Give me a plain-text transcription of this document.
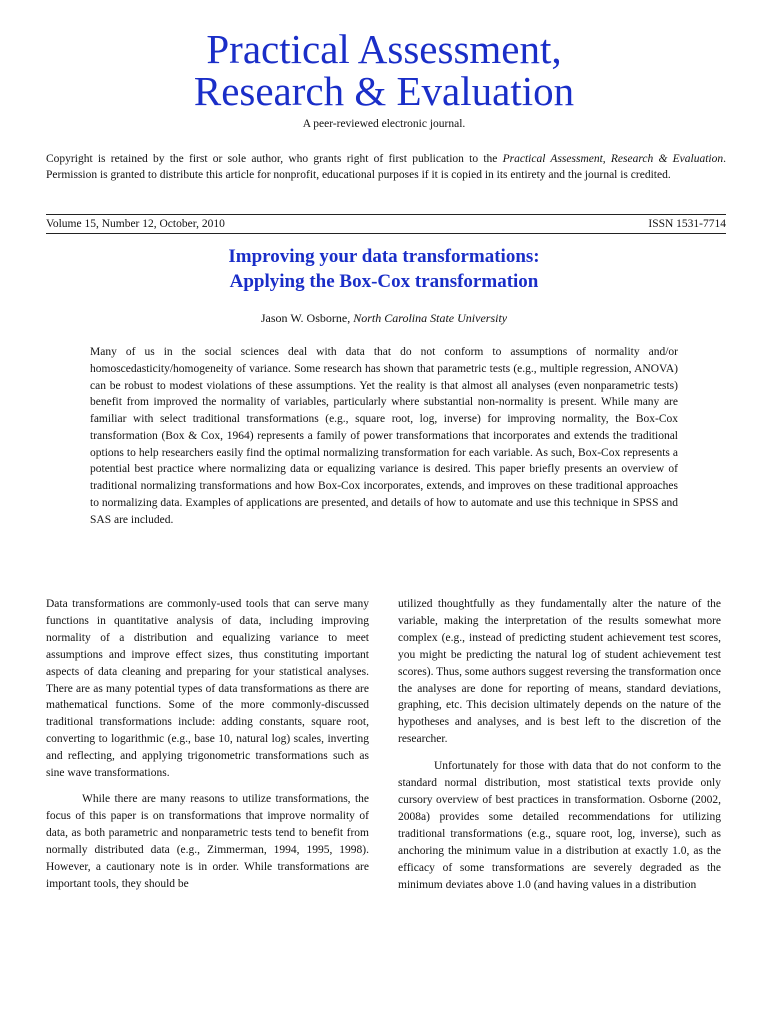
Practical Assessment,
Research & Evaluation
A peer-reviewed electronic journal.
Copyright is retained by the first or sole author, who grants right of first publication to the Practical Assessment, Research & Evaluation. Permission is granted to distribute this article for nonprofit, educational purposes if it is copied in its entirety and the journal is credited.
Volume 15, Number 12, October, 2010	ISSN 1531-7714
Improving your data transformations:
Applying the Box-Cox transformation
Jason W. Osborne, North Carolina State University
Many of us in the social sciences deal with data that do not conform to assumptions of normality and/or homoscedasticity/homogeneity of variance. Some research has shown that parametric tests (e.g., multiple regression, ANOVA) can be robust to modest violations of these assumptions. Yet the reality is that almost all analyses (even nonparametric tests) benefit from improved the normality of variables, particularly where substantial non-normality is present. While many are familiar with select traditional transformations (e.g., square root, log, inverse) for improving normality, the Box-Cox transformation (Box & Cox, 1964) represents a family of power transformations that incorporates and extends the traditional options to help researchers easily find the optimal normalizing transformation for each variable. As such, Box-Cox represents a potential best practice where normalizing data or equalizing variance is desired. This paper briefly presents an overview of traditional normalizing transformations and how Box-Cox incorporates, extends, and improves on these traditional approaches to normalizing data. Examples of applications are presented, and details of how to automate and use this technique in SPSS and SAS are included.

Data transformations are commonly-used tools that can serve many functions in quantitative analysis of data, including improving normality of a distribution and equalizing variance to meet assumptions and improve effect sizes, thus constituting important aspects of data cleaning and preparing for your statistical analyses. There are as many potential types of data transformations as there are mathematical functions. Some of the more commonly-discussed traditional transformations include: adding constants, square root, converting to logarithmic (e.g., base 10, natural log) scales, inverting and reflecting, and applying trigonometric transformations such as sine wave transformations.

While there are many reasons to utilize transformations, the focus of this paper is on transformations that improve normality of data, as both parametric and nonparametric tests tend to benefit from normally distributed data (e.g., Zimmerman, 1994, 1995, 1998). However, a cautionary note is in order. While transformations are important tools, they should be

utilized thoughtfully as they fundamentally alter the nature of the variable, making the interpretation of the results somewhat more complex (e.g., instead of predicting student achievement test scores, you might be predicting the natural log of student achievement test scores). Thus, some authors suggest reversing the transformation once the analyses are done for reporting of means, standard deviations, graphing, etc. This decision ultimately depends on the nature of the hypotheses and analyses, and is best left to the discretion of the researcher.

Unfortunately for those with data that do not conform to the standard normal distribution, most statistical texts provide only cursory overview of best practices in transformation. Osborne (2002, 2008a) provides some detailed recommendations for utilizing traditional transformations (e.g., square root, log, inverse), such as anchoring the minimum value in a distribution at exactly 1.0, as the efficacy of some transformations are severely degraded as the minimum deviates above 1.0 (and having values in a distribution
